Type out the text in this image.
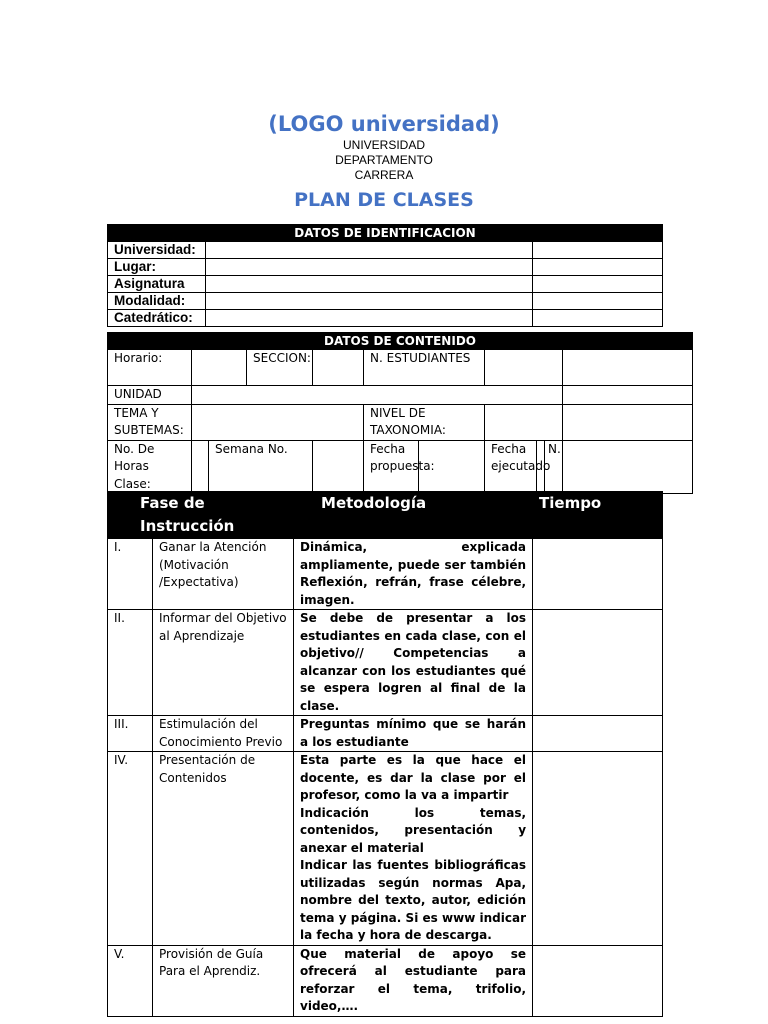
(LOGO universidad)
UNIVERSIDAD
DEPARTAMENTO
CARRERA
PLAN DE CLASES
DATOS DE IDENTIFICACION		
Universidad:		
Lugar:		
Asignatura		
Modalidad:		
Catedrático:		
DATOS DE CONTENIDO										
Horario:			SECCION:		N. ESTUDIANTES					
UNIDAD										
TEMA Y SUBTEMAS:					NIVEL DE TAXONOMIA:					
No. De Horas Clase:		Semana No.			Fecha propuesta:		Fecha ejecutado		N.	
Fase de Instrucción		Metodología	Tiempo
I.	Ganar la Atención (Motivación /Expectativa)	Dinámica, explicada ampliamente, puede ser también Reflexión, refrán, frase célebre, imagen.	
II.	Informar del Objetivo al Aprendizaje	Se debe de presentar a los estudiantes en cada clase, con el objetivo// Competencias a alcanzar con los estudiantes qué se espera logren al final de la clase.	
III.	Estimulación del Conocimiento Previo	Preguntas mínimo que se harán a los estudiante	
IV.	Presentación de Contenidos	Esta parte es la que hace el docente, es dar la clase por el profesor, como la va a impartir
Indicación los temas, contenidos, presentación y anexar el material
Indicar las fuentes bibliográficas utilizadas según normas Apa, nombre del texto, autor, edición tema y página. Si es www indicar la fecha y hora de descarga.	

V.	Provisión de Guía Para el Aprendiz.	Que material de apoyo se ofrecerá al estudiante para reforzar el tema, trifolio, video,….	
